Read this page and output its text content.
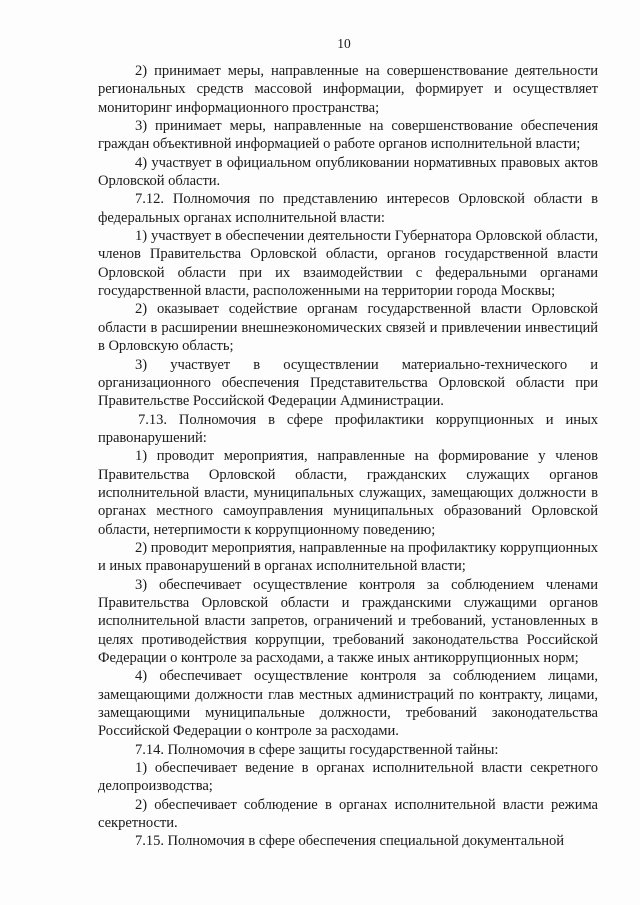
10

2) принимает меры, направленные на совершенствование деятельности региональных средств массовой информации, формирует и осуществляет мониторинг информационного пространства;

3) принимает меры, направленные на совершенствование обеспечения граждан объективной информацией о работе органов исполнительной власти;

4) участвует в официальном опубликовании нормативных правовых актов Орловской области.

7.12. Полномочия по представлению интересов Орловской области в федеральных органах исполнительной власти:

1) участвует в обеспечении деятельности Губернатора Орловской области, членов Правительства Орловской области, органов государственной власти Орловской области при их взаимодействии с федеральными органами государственной власти, расположенными на территории города Москвы;

2) оказывает содействие органам государственной власти Орловской области в расширении внешнеэкономических связей и привлечении инвестиций в Орловскую область;

3) участвует в осуществлении материально-технического и организационного обеспечения Представительства Орловской области при Правительстве Российской Федерации Администрации.

7.13. Полномочия в сфере профилактики коррупционных и иных правонарушений:

1) проводит мероприятия, направленные на формирование у членов Правительства Орловской области, гражданских служащих органов исполнительной власти, муниципальных служащих, замещающих должности в органах местного самоуправления муниципальных образований Орловской области, нетерпимости к коррупционному поведению;

2) проводит мероприятия, направленные на профилактику коррупционных и иных правонарушений в органах исполнительной власти;

3) обеспечивает осуществление контроля за соблюдением членами Правительства Орловской области и гражданскими служащими органов исполнительной власти запретов, ограничений и требований, установленных в целях противодействия коррупции, требований законодательства Российской Федерации о контроле за расходами, а также иных антикоррупционных норм;

4) обеспечивает осуществление контроля за соблюдением лицами, замещающими должности глав местных администраций по контракту, лицами, замещающими муниципальные должности, требований законодательства Российской Федерации о контроле за расходами.

7.14. Полномочия в сфере защиты государственной тайны:

1) обеспечивает ведение в органах исполнительной власти секретного делопроизводства;

2) обеспечивает соблюдение в органах исполнительной власти режима секретности.

7.15. Полномочия в сфере обеспечения специальной документальной
